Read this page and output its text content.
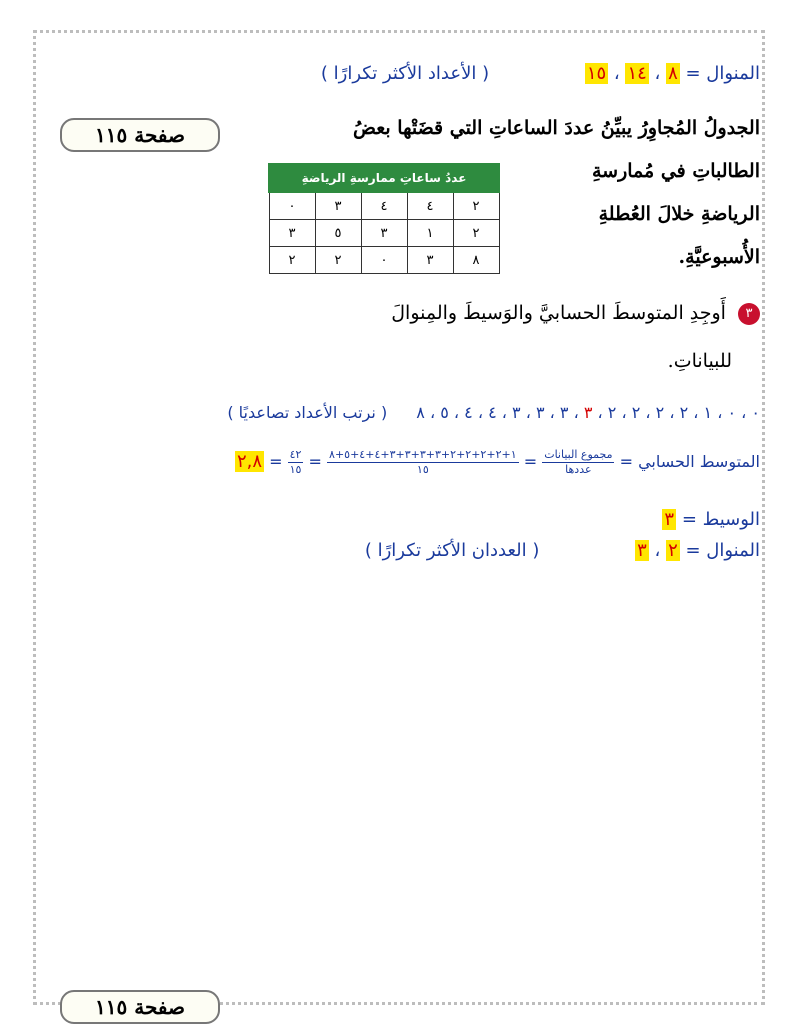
المنوال = ٨ ، ١٤ ، ١٥ ( الأعداد الأكثر تكرارًا )
صفحة ١١٥	الجدولُ المُجاوِرُ يبيِّنُ عددَ الساعاتِ التي قضَتْها بعضُ
الطالباتِ في مُمارسةِ
الرياضةِ خلالَ العُطلةِ
الأُسبوعيَّةِ.
عددُ ساعاتِ ممارسةِ الرياضةِ				
٢	٤	٤	٣	٠
٢	١	٣	٥	٣
٨	٣	٠	٢	٢
٣ أَوجِدِ المتوسطَ الحسابيَّ والوَسيطَ والمِنوالَ
للبياناتِ.
٠ ، ٠ ، ١ ، ٢ ، ٢ ، ٢ ، ٢ ، ٣ ، ٣ ، ٣ ، ٣ ، ٤ ، ٤ ، ٥ ، ٨ ( نرتب الأعداد تصاعديًا )
المتوسط الحسابي =
$\frac{\text{مجموع البيانات}}{\text{عددها}}$
=
$\frac{١+٢+٢+٢+٢+٣+٣+٣+٣+٤+٤+٥+٨}{١٥}$
=
$\frac{٤٢}{١٥}$
= ٢,٨
الوسيط = ٣
المنوال = ٢ ، ٣ ( العددان الأكثر تكرارًا )
صفحة ١١٥
